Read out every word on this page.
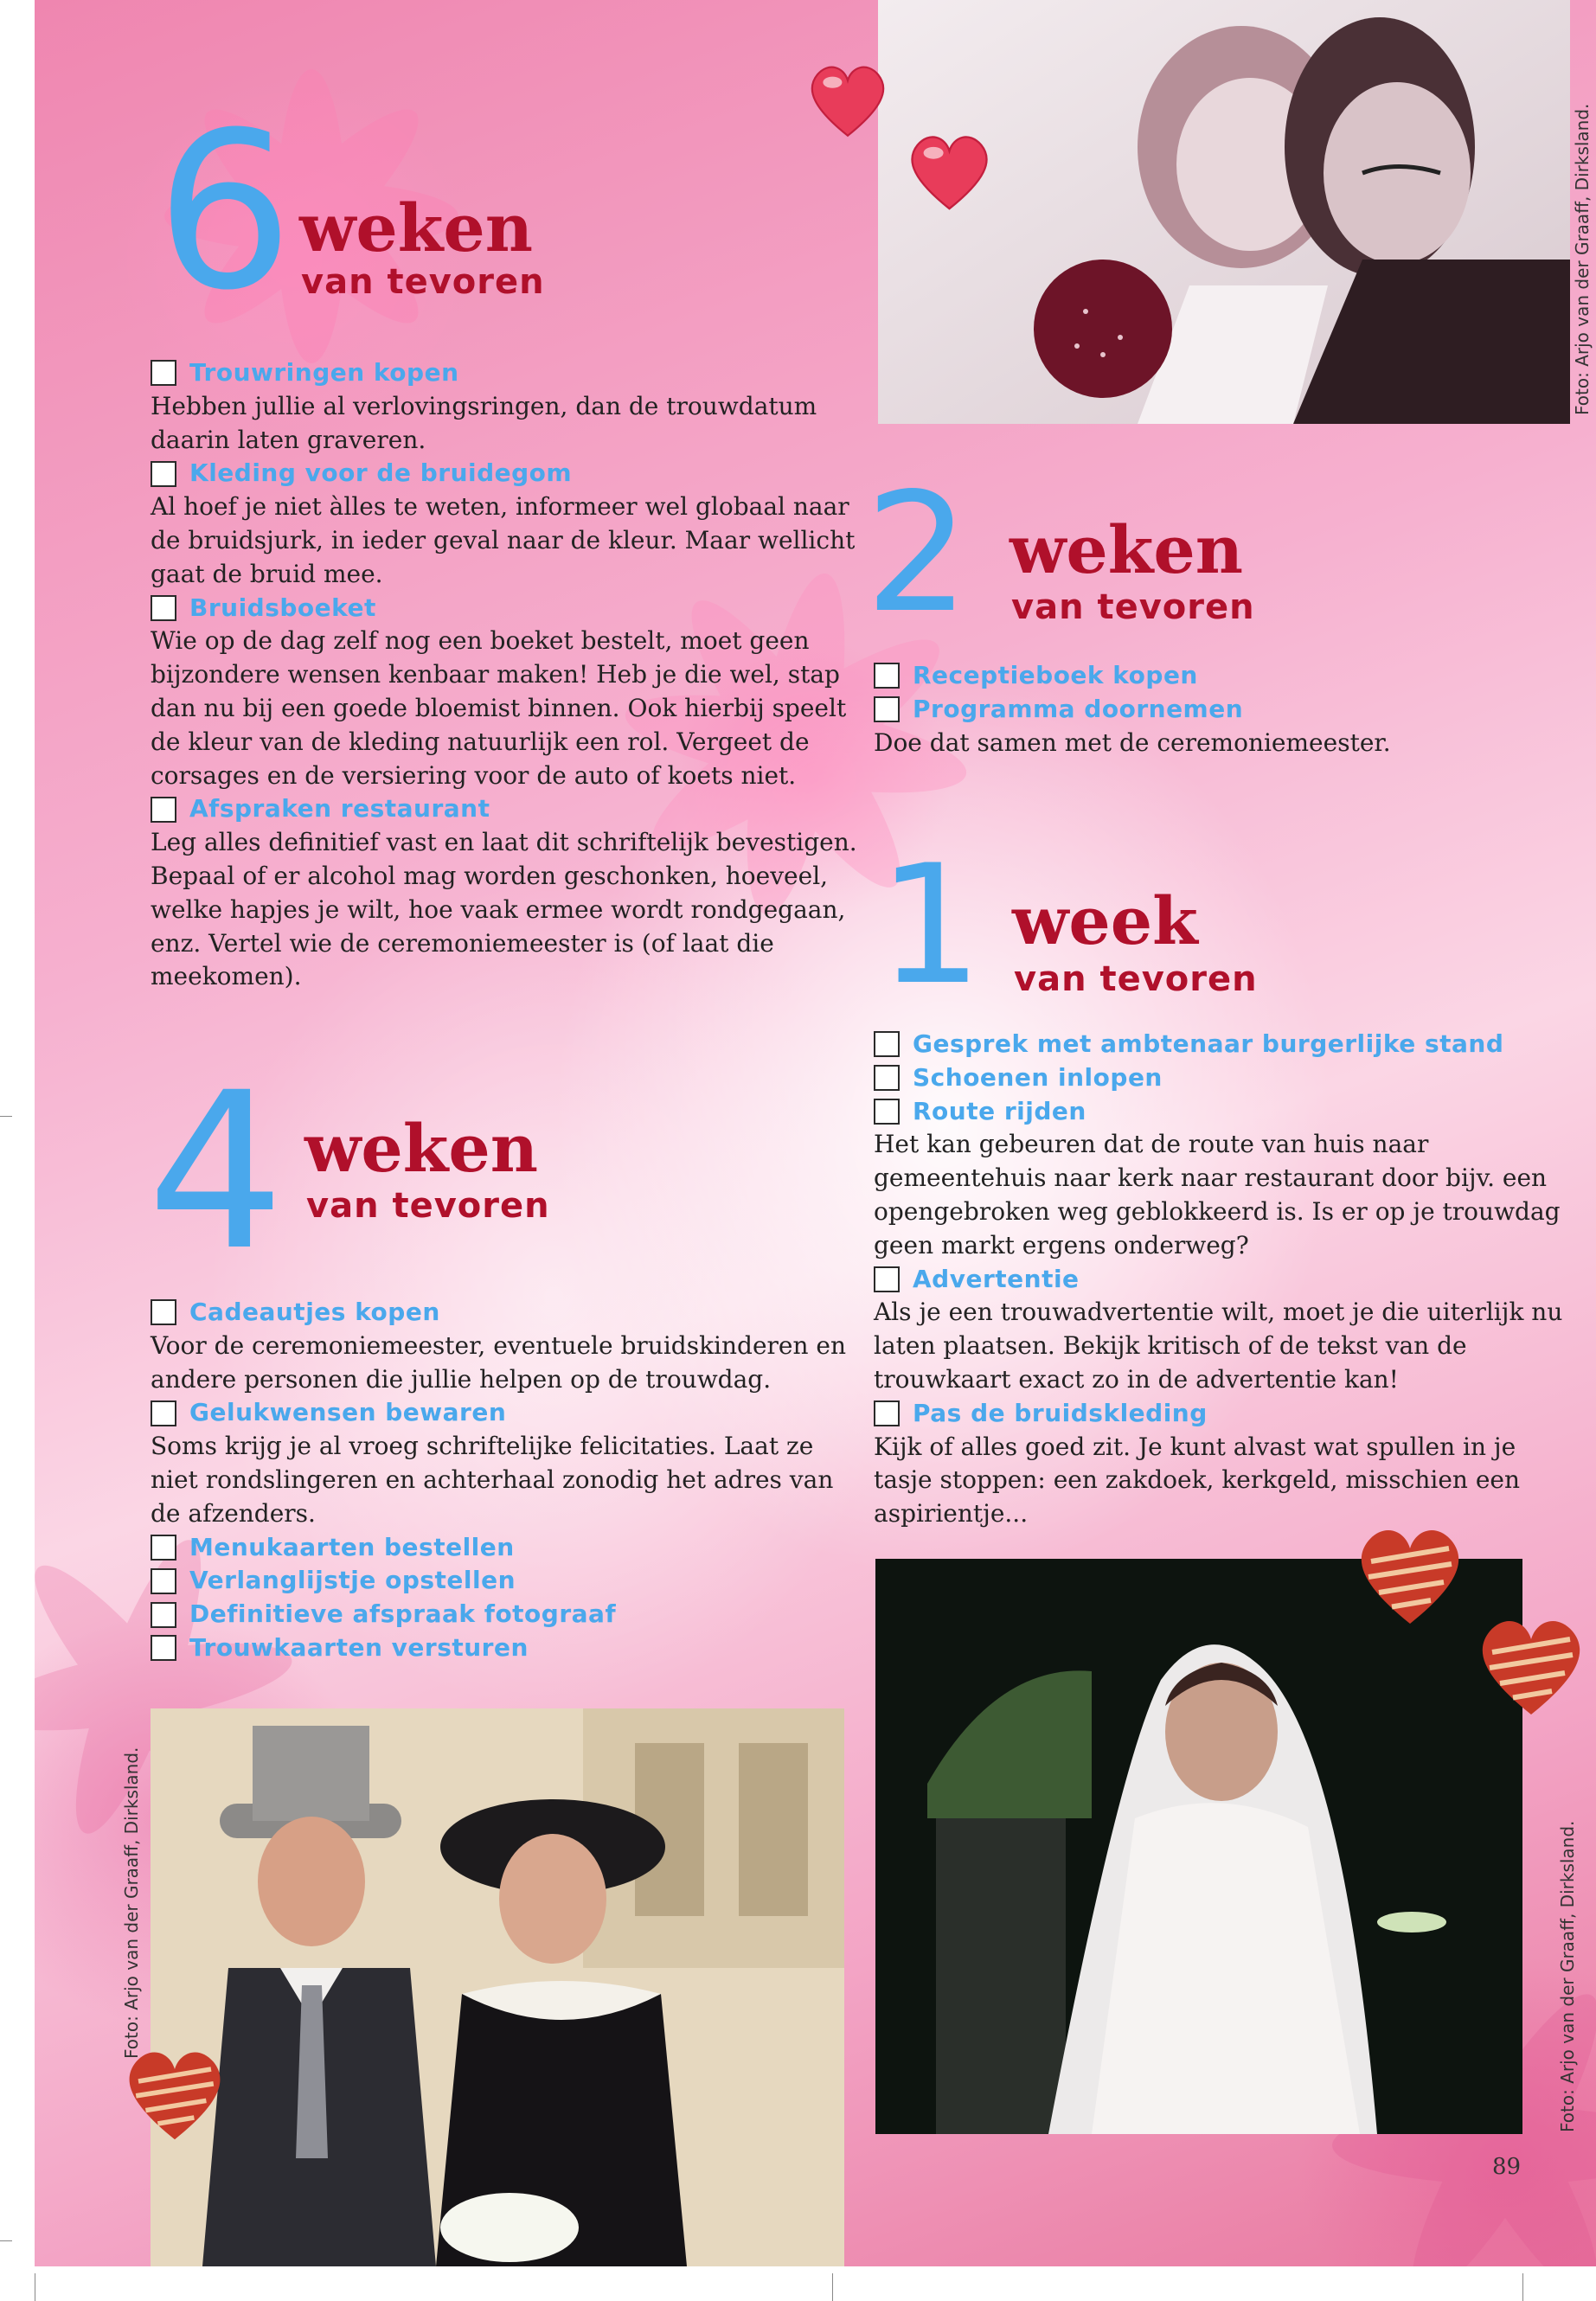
6 weken
van tevoren
Trouwringen kopen
Hebben jullie al verlovingsringen, dan de trouwdatum daarin laten graveren.
Kleding voor de bruidegom
Al hoef je niet àlles te weten, informeer wel globaal naar de bruidsjurk, in ieder geval naar de kleur. Maar wellicht gaat de bruid mee.
Bruidsboeket
Wie op de dag zelf nog een boeket bestelt, moet geen bijzondere wensen kenbaar maken! Heb je die wel, stap dan nu bij een goede bloemist binnen. Ook hierbij speelt de kleur van de kleding natuurlijk een rol. Vergeet de corsages en de versiering voor de auto of koets niet.
Afspraken restaurant
Leg alles definitief vast en laat dit schriftelijk bevestigen. Bepaal of er alcohol mag worden geschonken, hoeveel, welke hapjes je wilt, hoe vaak ermee wordt rondgegaan, enz. Vertel wie de ceremoniemeester is (of laat die meekomen).
4 weken
van tevoren
Cadeautjes kopen
Voor de ceremoniemeester, eventuele bruidskinderen en andere personen die jullie helpen op de trouwdag.
Gelukwensen bewaren
Soms krijg je al vroeg schriftelijke felicitaties. Laat ze niet rondslingeren en achterhaal zonodig het adres van de afzenders.
Menukaarten bestellen
Verlanglijstje opstellen
Definitieve afspraak fotograaf
Trouwkaarten versturen
Foto: Arjo van der Graaff, Dirksland.
2 weken
van tevoren
Receptieboek kopen
Programma doornemen
Doe dat samen met de ceremoniemeester.
1 week
van tevoren
Gesprek met ambtenaar burgerlijke stand
Schoenen inlopen
Route rijden
Het kan gebeuren dat de route van huis naar gemeentehuis naar kerk naar restaurant door bijv. een opengebroken weg geblokkeerd is. Is er op je trouwdag geen markt ergens onderweg?
Advertentie
Als je een trouwadvertentie wilt, moet je die uiterlijk nu laten plaatsen. Bekijk kritisch of de tekst van de trouwkaart exact zo in de advertentie kan!
Pas de bruidskleding
Kijk of alles goed zit. Je kunt alvast wat spullen in je tasje stoppen: een zakdoek, kerkgeld, misschien een aspirientje...
Foto: Arjo van der Graaff, Dirksland.
Foto: Arjo van der Graaff, Dirksland.
89
